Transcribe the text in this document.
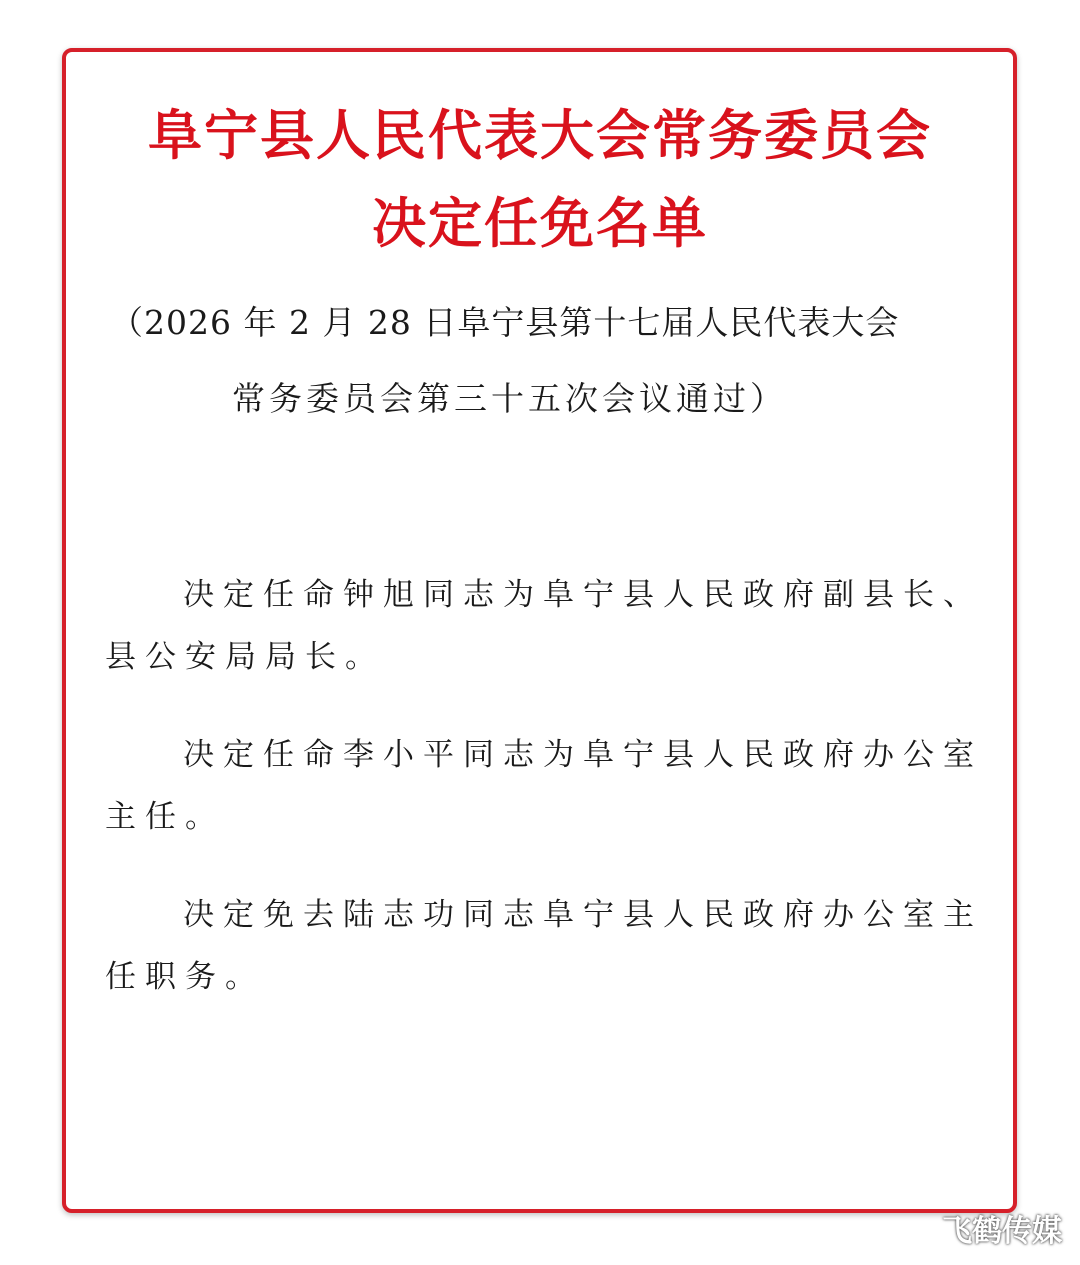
阜宁县人民代表大会常务委员会
决定任免名单
（2026 年 2 月 28 日阜宁县第十七届人民代表大会
常务委员会第三十五次会议通过）
决定任命钟旭同志为阜宁县人民政府副县长、
县公安局局长。
决定任命李小平同志为阜宁县人民政府办公室
主任。
决定免去陆志功同志阜宁县人民政府办公室主
任职务。
飞鹤传媒
